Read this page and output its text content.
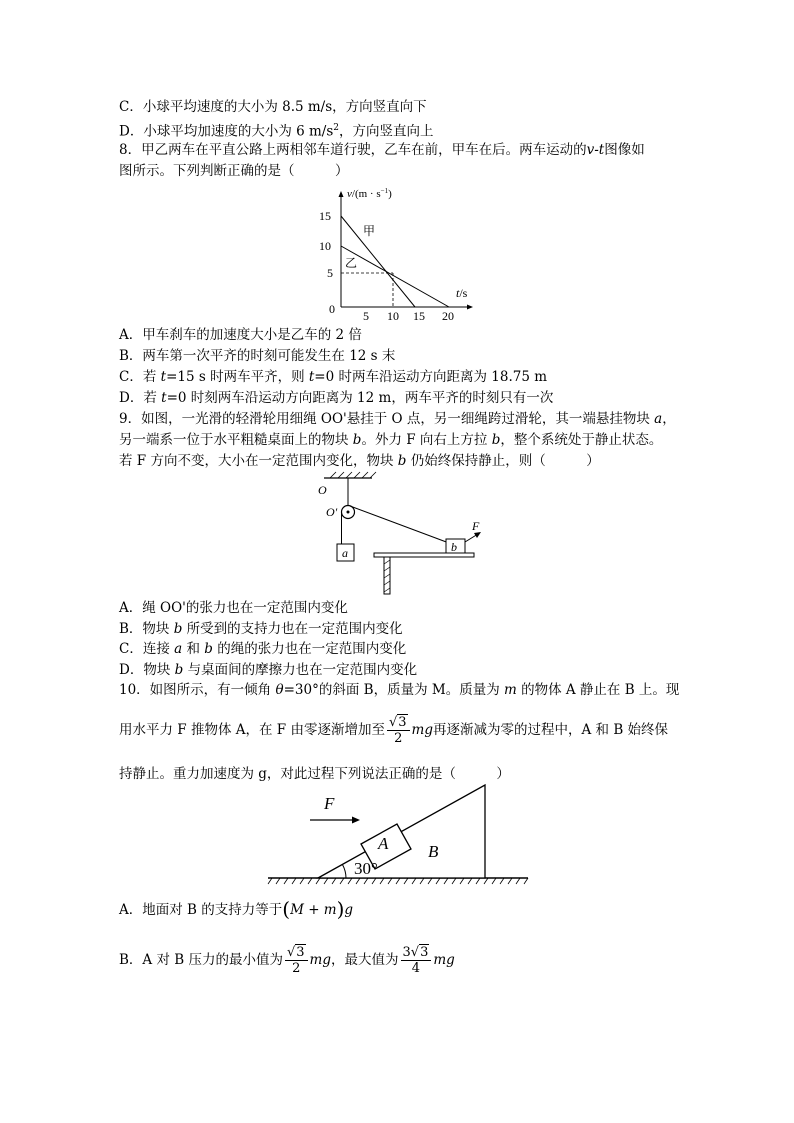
C．小球平均速度的大小为 8.5 m/s，方向竖直向下
D．小球平均加速度的大小为 6 $m/s^2$，方向竖直向上
8．甲乙两车在平直公路上两相邻车道行驶，乙车在前，甲车在后。两车运动的v-t图像如
图所示。下列判断正确的是（　　　）
15
10
5
0 5 10 15 20
$v/(m \cdot s^{-1})$
t/s
甲
乙
A．甲车刹车的加速度大小是乙车的 2 倍
B．两车第一次平齐的时刻可能发生在 12 s 末
C．若 t=15 s 时两车平齐，则 t=0 时两车沿运动方向距离为 18.75 m
D．若 t=0 时刻两车沿运动方向距离为 12 m，两车平齐的时刻只有一次
9．如图，一光滑的轻滑轮用细绳 OO'悬挂于 O 点，另一细绳跨过滑轮，其一端悬挂物块 a，
另一端系一位于水平粗糙桌面上的物块 b。外力 F 向右上方拉 b，整个系统处于静止状态。
若 F 方向不变，大小在一定范围内变化，物块 b 仍始终保持静止，则（　　　）
O
O′
a	b
F
A．绳 OO'的张力也在一定范围内变化
B．物块 b 所受到的支持力也在一定范围内变化
C．连接 a 和 b 的绳的张力也在一定范围内变化
D．物块 b 与桌面间的摩擦力也在一定范围内变化
10．如图所示，有一倾角 θ=30°的斜面 B，质量为 M。质量为 m 的物体 A 静止在 B 上。现
用水平力 F 推物体 A，在 F 由零逐渐增加至 $\frac{√3}{2}$ mg再逐渐减为零的过程中，A 和 B 始终保
持静止。重力加速度为 g，对此过程下列说法正确的是（　　　）
F
A B
30°
A．地面对 B 的支持力等于(M + m)g
B．A 对 B 压力的最小值为 $\frac{√3}{2}$ mg，最大值为 $\frac{3√3}{4}$ mg
